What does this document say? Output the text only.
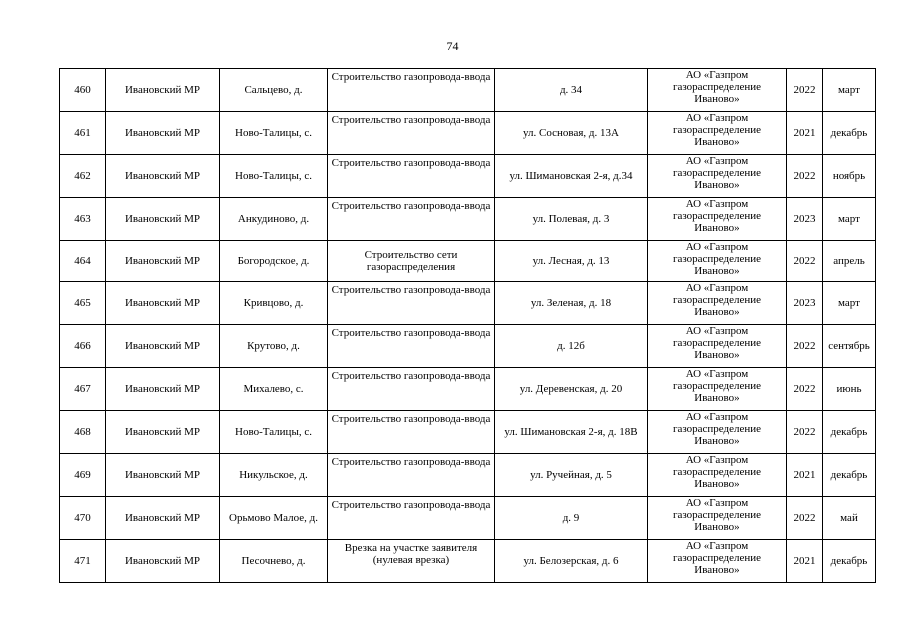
74
460	Ивановский МР	Сальцево, д.	Строительство газопровода-ввода	д. 34	АО «Газпром газораспределение Иваново»	2022	март
461	Ивановский МР	Ново-Талицы, с.	Строительство газопровода-ввода	ул. Сосновая, д. 13А	АО «Газпром газораспределение Иваново»	2021	декабрь
462	Ивановский МР	Ново-Талицы, с.	Строительство газопровода-ввода	ул. Шимановская 2-я, д.34	АО «Газпром газораспределение Иваново»	2022	ноябрь
463	Ивановский МР	Анкудиново, д.	Строительство газопровода-ввода	ул. Полевая, д. 3	АО «Газпром газораспределение Иваново»	2023	март
464	Ивановский МР	Богородское, д.	Строительство сети газораспределения	ул. Лесная, д. 13	АО «Газпром газораспределение Иваново»	2022	апрель
465	Ивановский МР	Кривцово, д.	Строительство газопровода-ввода	ул. Зеленая, д. 18	АО «Газпром газораспределение Иваново»	2023	март
466	Ивановский МР	Крутово, д.	Строительство газопровода-ввода	д. 12б	АО «Газпром газораспределение Иваново»	2022	сентябрь
467	Ивановский МР	Михалево, с.	Строительство газопровода-ввода	ул. Деревенская, д. 20	АО «Газпром газораспределение Иваново»	2022	июнь
468	Ивановский МР	Ново-Талицы, с.	Строительство газопровода-ввода	ул. Шимановская 2-я, д. 18В	АО «Газпром газораспределение Иваново»	2022	декабрь
469	Ивановский МР	Никульское, д.	Строительство газопровода-ввода	ул. Ручейная, д. 5	АО «Газпром газораспределение Иваново»	2021	декабрь
470	Ивановский МР	Орьмово Малое, д.	Строительство газопровода-ввода	д. 9	АО «Газпром газораспределение Иваново»	2022	май
471	Ивановский МР	Песочнево, д.	Врезка на участке заявителя (нулевая врезка)	ул. Белозерская, д. 6	АО «Газпром газораспределение Иваново»	2021	декабрь
